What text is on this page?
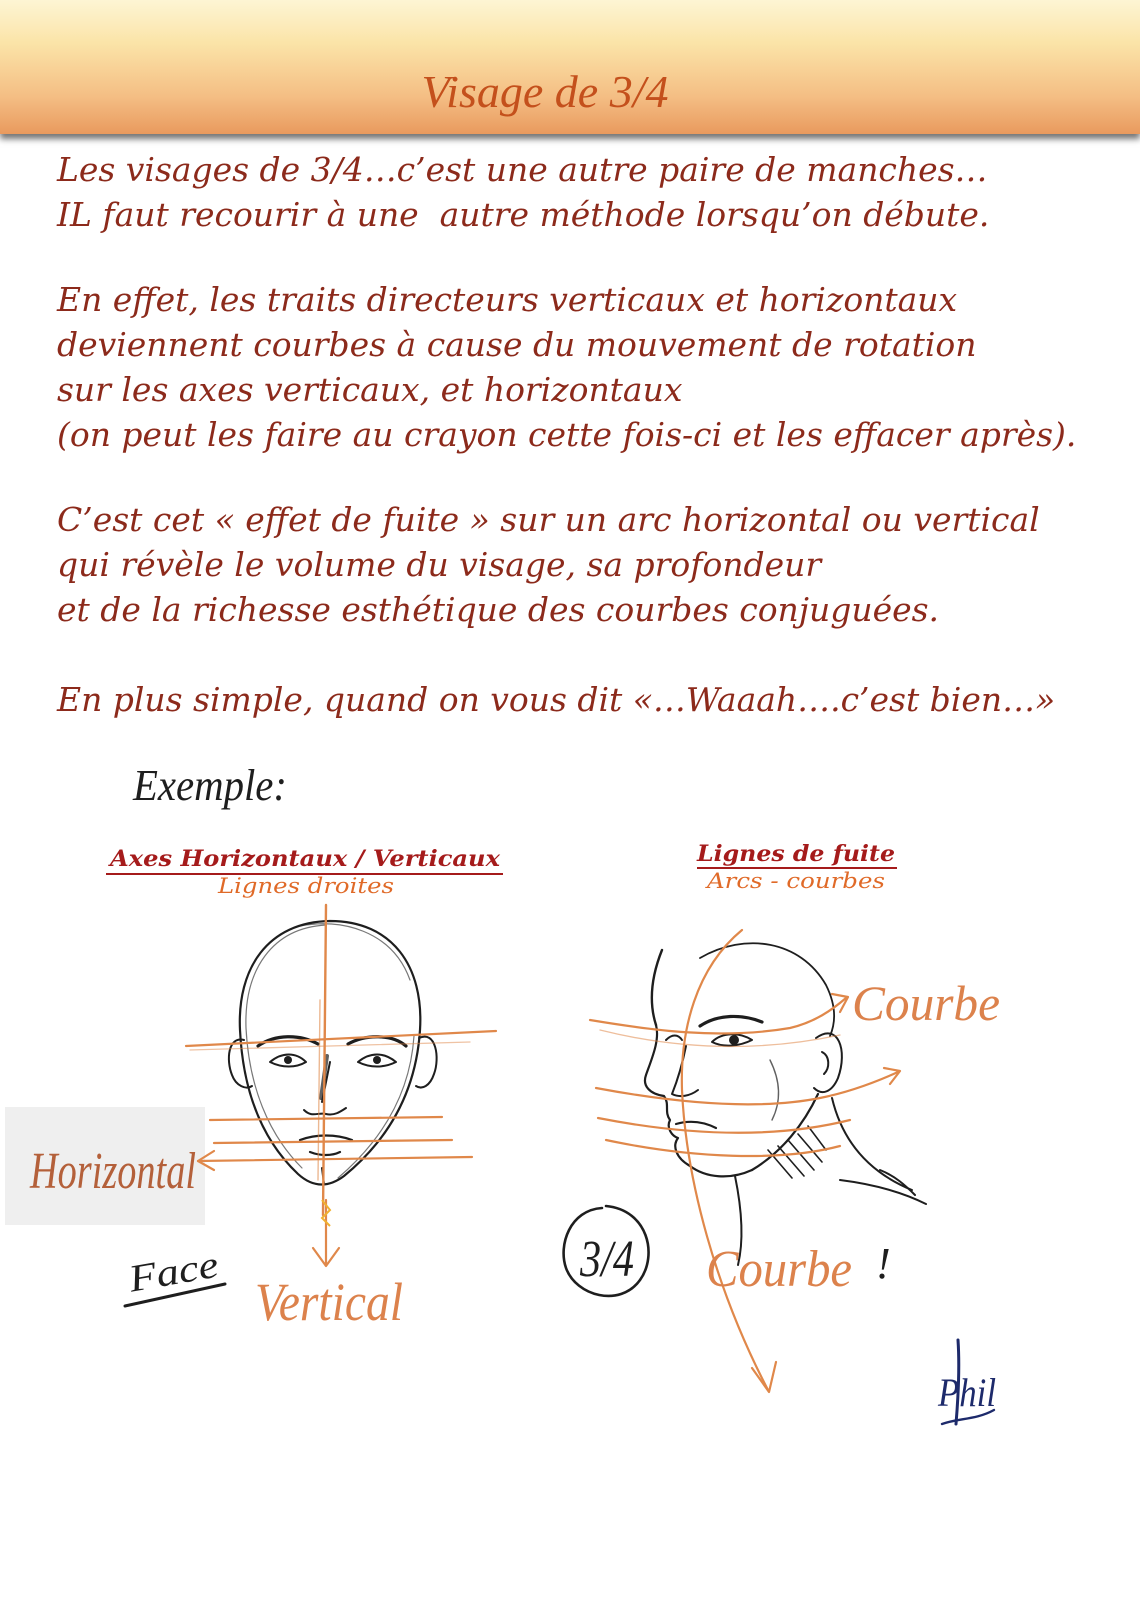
Visage de 3/4
Les visages de 3/4…c’est une autre paire de manches…
IL faut recourir à une  autre méthode lorsqu’on débute.
En effet, les traits directeurs verticaux et horizontaux
deviennent courbes à cause du mouvement de rotation
sur les axes verticaux, et horizontaux
(on peut les faire au crayon cette fois-ci et les effacer après).
C’est cet « effet de fuite » sur un arc horizontal ou vertical
qui révèle le volume du visage, sa profondeur
et de la richesse esthétique des courbes conjuguées.
En plus simple, quand on vous dit «…Waaah….c’est bien…»
Exemple:
Axes Horizontaux / Verticaux
Lignes droites
Lignes de fuite
Arcs - courbes
Horizontal
Vertical
Face
Courbe
Courbe
3/4	!
Phil
